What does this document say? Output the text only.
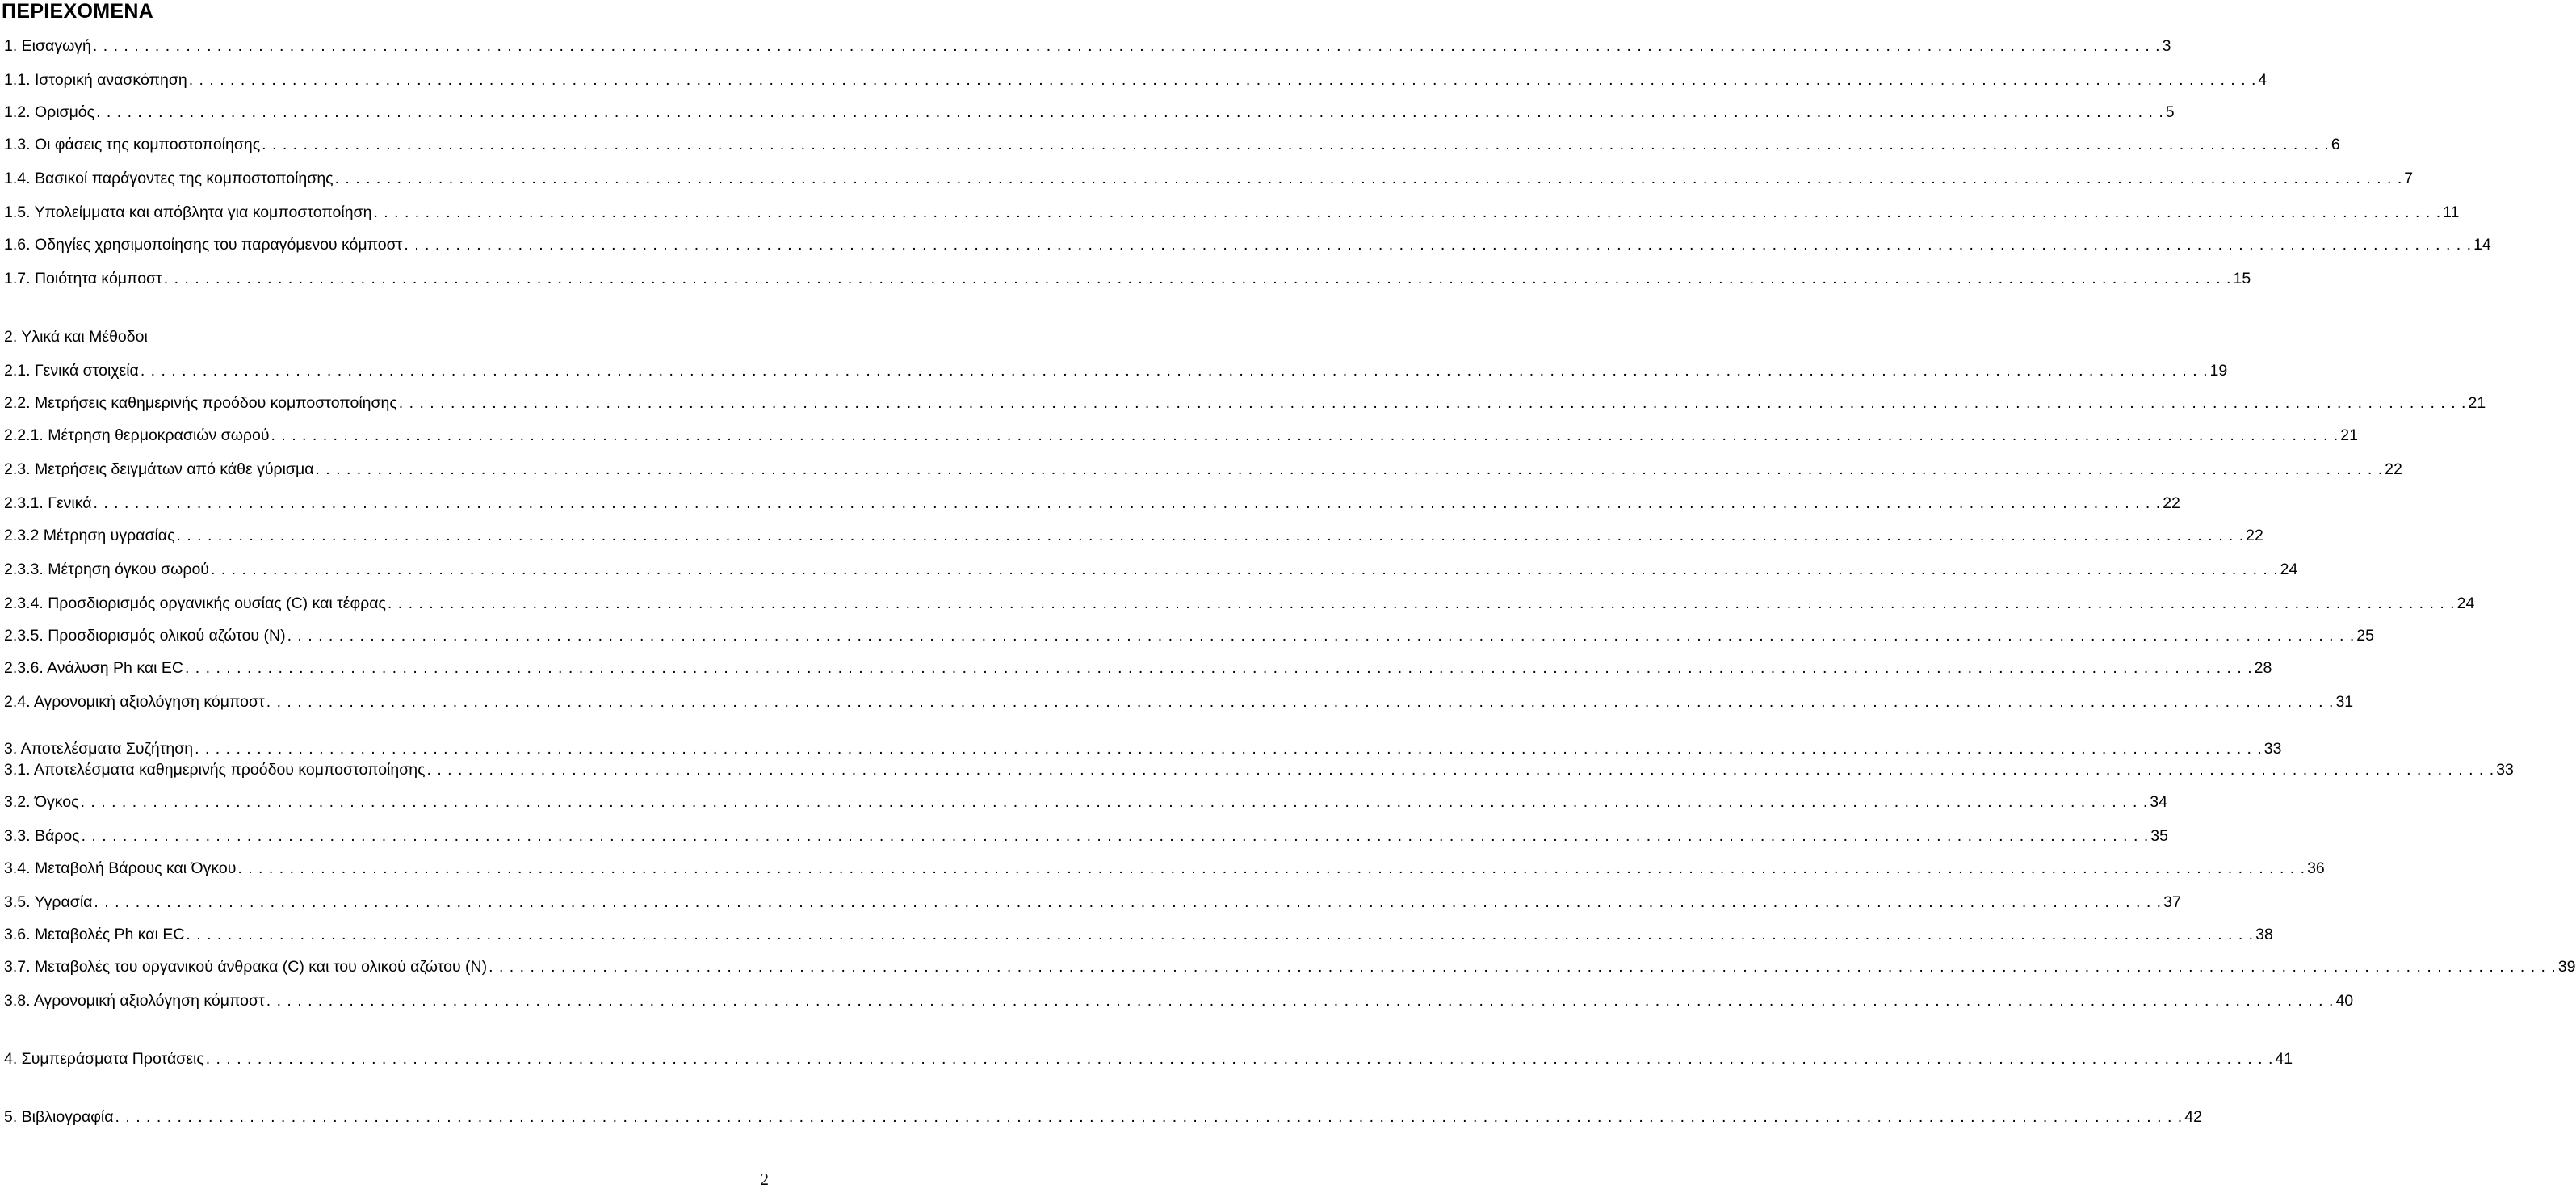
ΠΕΡΙΕΧΟΜΕΝΑ
1. Εισαγωγή . . . . . . . . . . . . . . . . . . . . . . . . . . . . . . . . . . . . . . . . . . . . . . . . . . . . . . . . . . . . . . . . . . . . . . . . . . . . . . . . . . . . . . . . . . . . . . . . . . . . . . . . . . . . . . . . . . . . . . . . . . . . . . . . . . . . . . . . . . . . . . . . . . . . . . . . . . . . . . . . . . . . . . . . . . . . . . . . . . . . . . . . . . . . . . . . . . . . . . . . 3
1.1. Ιστορική ανασκόπηση . . . . . . . . . . . . . . . . . . . . . . . . . . . . . . . . . . . . . . . . . . . . . . . . . . . . . . . . . . . . . . . . . . . . . . . . . . . . . . . . . . . . . . . . . . . . . . . . . . . . . . . . . . . . . . . . . . . . . . . . . . . . . . . . . . . . . . . . . . . . . . . . . . . . . . . . . . . . . . . . . . . . . . . . . . . . . . . . . . . . . . . . . . . . . . . . . . . . . . . . 4
1.2. Ορισμός . . . . . . . . . . . . . . . . . . . . . . . . . . . . . . . . . . . . . . . . . . . . . . . . . . . . . . . . . . . . . . . . . . . . . . . . . . . . . . . . . . . . . . . . . . . . . . . . . . . . . . . . . . . . . . . . . . . . . . . . . . . . . . . . . . . . . . . . . . . . . . . . . . . . . . . . . . . . . . . . . . . . . . . . . . . . . . . . . . . . . . . . . . . . . . . . . . . . . . . . 5
1.3. Οι φάσεις της κομποστοποίησης . . . . . . . . . . . . . . . . . . . . . . . . . . . . . . . . . . . . . . . . . . . . . . . . . . . . . . . . . . . . . . . . . . . . . . . . . . . . . . . . . . . . . . . . . . . . . . . . . . . . . . . . . . . . . . . . . . . . . . . . . . . . . . . . . . . . . . . . . . . . . . . . . . . . . . . . . . . . . . . . . . . . . . . . . . . . . . . . . . . . . . . . . . . . . . . . . . . . . . . . 6
1.4. Βασικοί παράγοντες της κομποστοποίησης . . . . . . . . . . . . . . . . . . . . . . . . . . . . . . . . . . . . . . . . . . . . . . . . . . . . . . . . . . . . . . . . . . . . . . . . . . . . . . . . . . . . . . . . . . . . . . . . . . . . . . . . . . . . . . . . . . . . . . . . . . . . . . . . . . . . . . . . . . . . . . . . . . . . . . . . . . . . . . . . . . . . . . . . . . . . . . . . . . . . . . . . . . . . . . . . . . . . . . . . 7
1.5. Υπολείμματα και απόβλητα για κομποστοποίηση . . . . . . . . . . . . . . . . . . . . . . . . . . . . . . . . . . . . . . . . . . . . . . . . . . . . . . . . . . . . . . . . . . . . . . . . . . . . . . . . . . . . . . . . . . . . . . . . . . . . . . . . . . . . . . . . . . . . . . . . . . . . . . . . . . . . . . . . . . . . . . . . . . . . . . . . . . . . . . . . . . . . . . . . . . . . . . . . . . . . . . . . . . . . . . . . . . . . . . . . 11
1.6. Οδηγίες χρησιμοποίησης του παραγόμενου κόμποστ . . . . . . . . . . . . . . . . . . . . . . . . . . . . . . . . . . . . . . . . . . . . . . . . . . . . . . . . . . . . . . . . . . . . . . . . . . . . . . . . . . . . . . . . . . . . . . . . . . . . . . . . . . . . . . . . . . . . . . . . . . . . . . . . . . . . . . . . . . . . . . . . . . . . . . . . . . . . . . . . . . . . . . . . . . . . . . . . . . . . . . . . . . . . . . . . . . . . . . . . 14
1.7. Ποιότητα κόμποστ . . . . . . . . . . . . . . . . . . . . . . . . . . . . . . . . . . . . . . . . . . . . . . . . . . . . . . . . . . . . . . . . . . . . . . . . . . . . . . . . . . . . . . . . . . . . . . . . . . . . . . . . . . . . . . . . . . . . . . . . . . . . . . . . . . . . . . . . . . . . . . . . . . . . . . . . . . . . . . . . . . . . . . . . . . . . . . . . . . . . . . . . . . . . . . . . . . . . . . . . 15
2. Υλικά και Μέθοδοι
2.1. Γενικά στοιχεία . . . . . . . . . . . . . . . . . . . . . . . . . . . . . . . . . . . . . . . . . . . . . . . . . . . . . . . . . . . . . . . . . . . . . . . . . . . . . . . . . . . . . . . . . . . . . . . . . . . . . . . . . . . . . . . . . . . . . . . . . . . . . . . . . . . . . . . . . . . . . . . . . . . . . . . . . . . . . . . . . . . . . . . . . . . . . . . . . . . . . . . . . . . . . . . . . . . . . . . . 19
2.2. Μετρήσεις καθημερινής προόδου κομποστοποίησης . . . . . . . . . . . . . . . . . . . . . . . . . . . . . . . . . . . . . . . . . . . . . . . . . . . . . . . . . . . . . . . . . . . . . . . . . . . . . . . . . . . . . . . . . . . . . . . . . . . . . . . . . . . . . . . . . . . . . . . . . . . . . . . . . . . . . . . . . . . . . . . . . . . . . . . . . . . . . . . . . . . . . . . . . . . . . . . . . . . . . . . . . . . . . . . . . . . . . . . . 21
2.2.1. Μέτρηση θερμοκρασιών σωρού . . . . . . . . . . . . . . . . . . . . . . . . . . . . . . . . . . . . . . . . . . . . . . . . . . . . . . . . . . . . . . . . . . . . . . . . . . . . . . . . . . . . . . . . . . . . . . . . . . . . . . . . . . . . . . . . . . . . . . . . . . . . . . . . . . . . . . . . . . . . . . . . . . . . . . . . . . . . . . . . . . . . . . . . . . . . . . . . . . . . . . . . . . . . . . . . . . . . . . . . 21
2.3. Μετρήσεις δειγμάτων από κάθε γύρισμα . . . . . . . . . . . . . . . . . . . . . . . . . . . . . . . . . . . . . . . . . . . . . . . . . . . . . . . . . . . . . . . . . . . . . . . . . . . . . . . . . . . . . . . . . . . . . . . . . . . . . . . . . . . . . . . . . . . . . . . . . . . . . . . . . . . . . . . . . . . . . . . . . . . . . . . . . . . . . . . . . . . . . . . . . . . . . . . . . . . . . . . . . . . . . . . . . . . . . . . . 22
2.3.1. Γενικά . . . . . . . . . . . . . . . . . . . . . . . . . . . . . . . . . . . . . . . . . . . . . . . . . . . . . . . . . . . . . . . . . . . . . . . . . . . . . . . . . . . . . . . . . . . . . . . . . . . . . . . . . . . . . . . . . . . . . . . . . . . . . . . . . . . . . . . . . . . . . . . . . . . . . . . . . . . . . . . . . . . . . . . . . . . . . . . . . . . . . . . . . . . . . . . . . . . . . . . . 22
2.3.2 Μέτρηση υγρασίας . . . . . . . . . . . . . . . . . . . . . . . . . . . . . . . . . . . . . . . . . . . . . . . . . . . . . . . . . . . . . . . . . . . . . . . . . . . . . . . . . . . . . . . . . . . . . . . . . . . . . . . . . . . . . . . . . . . . . . . . . . . . . . . . . . . . . . . . . . . . . . . . . . . . . . . . . . . . . . . . . . . . . . . . . . . . . . . . . . . . . . . . . . . . . . . . . . . . . . . . 22
2.3.3. Μέτρηση όγκου σωρού . . . . . . . . . . . . . . . . . . . . . . . . . . . . . . . . . . . . . . . . . . . . . . . . . . . . . . . . . . . . . . . . . . . . . . . . . . . . . . . . . . . . . . . . . . . . . . . . . . . . . . . . . . . . . . . . . . . . . . . . . . . . . . . . . . . . . . . . . . . . . . . . . . . . . . . . . . . . . . . . . . . . . . . . . . . . . . . . . . . . . . . . . . . . . . . . . . . . . . . . 24
2.3.4. Προσδιορισμός οργανικής ουσίας (C) και τέφρας . . . . . . . . . . . . . . . . . . . . . . . . . . . . . . . . . . . . . . . . . . . . . . . . . . . . . . . . . . . . . . . . . . . . . . . . . . . . . . . . . . . . . . . . . . . . . . . . . . . . . . . . . . . . . . . . . . . . . . . . . . . . . . . . . . . . . . . . . . . . . . . . . . . . . . . . . . . . . . . . . . . . . . . . . . . . . . . . . . . . . . . . . . . . . . . . . . . . . . . . 24
2.3.5. Προσδιορισμός ολικού αζώτου (N) . . . . . . . . . . . . . . . . . . . . . . . . . . . . . . . . . . . . . . . . . . . . . . . . . . . . . . . . . . . . . . . . . . . . . . . . . . . . . . . . . . . . . . . . . . . . . . . . . . . . . . . . . . . . . . . . . . . . . . . . . . . . . . . . . . . . . . . . . . . . . . . . . . . . . . . . . . . . . . . . . . . . . . . . . . . . . . . . . . . . . . . . . . . . . . . . . . . . . . . . 25
2.3.6. Ανάλυση Ph και EC . . . . . . . . . . . . . . . . . . . . . . . . . . . . . . . . . . . . . . . . . . . . . . . . . . . . . . . . . . . . . . . . . . . . . . . . . . . . . . . . . . . . . . . . . . . . . . . . . . . . . . . . . . . . . . . . . . . . . . . . . . . . . . . . . . . . . . . . . . . . . . . . . . . . . . . . . . . . . . . . . . . . . . . . . . . . . . . . . . . . . . . . . . . . . . . . . . . . . . . . 28
2.4. Αγρονομική αξιολόγηση κόμποστ . . . . . . . . . . . . . . . . . . . . . . . . . . . . . . . . . . . . . . . . . . . . . . . . . . . . . . . . . . . . . . . . . . . . . . . . . . . . . . . . . . . . . . . . . . . . . . . . . . . . . . . . . . . . . . . . . . . . . . . . . . . . . . . . . . . . . . . . . . . . . . . . . . . . . . . . . . . . . . . . . . . . . . . . . . . . . . . . . . . . . . . . . . . . . . . . . . . . . . . . 31
3. Αποτελέσματα Συζήτηση . . . . . . . . . . . . . . . . . . . . . . . . . . . . . . . . . . . . . . . . . . . . . . . . . . . . . . . . . . . . . . . . . . . . . . . . . . . . . . . . . . . . . . . . . . . . . . . . . . . . . . . . . . . . . . . . . . . . . . . . . . . . . . . . . . . . . . . . . . . . . . . . . . . . . . . . . . . . . . . . . . . . . . . . . . . . . . . . . . . . . . . . . . . . . . . . . . . . . . . . 33
3.1. Αποτελέσματα καθημερινής προόδου κομποστοποίησης . . . . . . . . . . . . . . . . . . . . . . . . . . . . . . . . . . . . . . . . . . . . . . . . . . . . . . . . . . . . . . . . . . . . . . . . . . . . . . . . . . . . . . . . . . . . . . . . . . . . . . . . . . . . . . . . . . . . . . . . . . . . . . . . . . . . . . . . . . . . . . . . . . . . . . . . . . . . . . . . . . . . . . . . . . . . . . . . . . . . . . . . . . . . . . . . . . . . . . . . 33
3.2. Όγκος . . . . . . . . . . . . . . . . . . . . . . . . . . . . . . . . . . . . . . . . . . . . . . . . . . . . . . . . . . . . . . . . . . . . . . . . . . . . . . . . . . . . . . . . . . . . . . . . . . . . . . . . . . . . . . . . . . . . . . . . . . . . . . . . . . . . . . . . . . . . . . . . . . . . . . . . . . . . . . . . . . . . . . . . . . . . . . . . . . . . . . . . . . . . . . . . . . . . . . . . 34
3.3. Βάρος . . . . . . . . . . . . . . . . . . . . . . . . . . . . . . . . . . . . . . . . . . . . . . . . . . . . . . . . . . . . . . . . . . . . . . . . . . . . . . . . . . . . . . . . . . . . . . . . . . . . . . . . . . . . . . . . . . . . . . . . . . . . . . . . . . . . . . . . . . . . . . . . . . . . . . . . . . . . . . . . . . . . . . . . . . . . . . . . . . . . . . . . . . . . . . . . . . . . . . . . 35
3.4. Μεταβολή Βάρους και Όγκου . . . . . . . . . . . . . . . . . . . . . . . . . . . . . . . . . . . . . . . . . . . . . . . . . . . . . . . . . . . . . . . . . . . . . . . . . . . . . . . . . . . . . . . . . . . . . . . . . . . . . . . . . . . . . . . . . . . . . . . . . . . . . . . . . . . . . . . . . . . . . . . . . . . . . . . . . . . . . . . . . . . . . . . . . . . . . . . . . . . . . . . . . . . . . . . . . . . . . . . . 36
3.5. Υγρασία . . . . . . . . . . . . . . . . . . . . . . . . . . . . . . . . . . . . . . . . . . . . . . . . . . . . . . . . . . . . . . . . . . . . . . . . . . . . . . . . . . . . . . . . . . . . . . . . . . . . . . . . . . . . . . . . . . . . . . . . . . . . . . . . . . . . . . . . . . . . . . . . . . . . . . . . . . . . . . . . . . . . . . . . . . . . . . . . . . . . . . . . . . . . . . . . . . . . . . . . 37
3.6. Μεταβολές Ph και EC . . . . . . . . . . . . . . . . . . . . . . . . . . . . . . . . . . . . . . . . . . . . . . . . . . . . . . . . . . . . . . . . . . . . . . . . . . . . . . . . . . . . . . . . . . . . . . . . . . . . . . . . . . . . . . . . . . . . . . . . . . . . . . . . . . . . . . . . . . . . . . . . . . . . . . . . . . . . . . . . . . . . . . . . . . . . . . . . . . . . . . . . . . . . . . . . . . . . . . . . 38
3.7. Μεταβολές του οργανικού άνθρακα (C) και του ολικού αζώτου (N) . . . . . . . . . . . . . . . . . . . . . . . . . . . . . . . . . . . . . . . . . . . . . . . . . . . . . . . . . . . . . . . . . . . . . . . . . . . . . . . . . . . . . . . . . . . . . . . . . . . . . . . . . . . . . . . . . . . . . . . . . . . . . . . . . . . . . . . . . . . . . . . . . . . . . . . . . . . . . . . . . . . . . . . . . . . . . . . . . . . . . . . . . . . . . . . . . . . . . . . . 39
3.8. Αγρονομική αξιολόγηση κόμποστ . . . . . . . . . . . . . . . . . . . . . . . . . . . . . . . . . . . . . . . . . . . . . . . . . . . . . . . . . . . . . . . . . . . . . . . . . . . . . . . . . . . . . . . . . . . . . . . . . . . . . . . . . . . . . . . . . . . . . . . . . . . . . . . . . . . . . . . . . . . . . . . . . . . . . . . . . . . . . . . . . . . . . . . . . . . . . . . . . . . . . . . . . . . . . . . . . . . . . . . . 40
4. Συμπεράσματα Προτάσεις . . . . . . . . . . . . . . . . . . . . . . . . . . . . . . . . . . . . . . . . . . . . . . . . . . . . . . . . . . . . . . . . . . . . . . . . . . . . . . . . . . . . . . . . . . . . . . . . . . . . . . . . . . . . . . . . . . . . . . . . . . . . . . . . . . . . . . . . . . . . . . . . . . . . . . . . . . . . . . . . . . . . . . . . . . . . . . . . . . . . . . . . . . . . . . . . . . . . . . . . 41
5. Βιβλιογραφία . . . . . . . . . . . . . . . . . . . . . . . . . . . . . . . . . . . . . . . . . . . . . . . . . . . . . . . . . . . . . . . . . . . . . . . . . . . . . . . . . . . . . . . . . . . . . . . . . . . . . . . . . . . . . . . . . . . . . . . . . . . . . . . . . . . . . . . . . . . . . . . . . . . . . . . . . . . . . . . . . . . . . . . . . . . . . . . . . . . . . . . . . . . . . . . . . . . . . . . . 42
2
